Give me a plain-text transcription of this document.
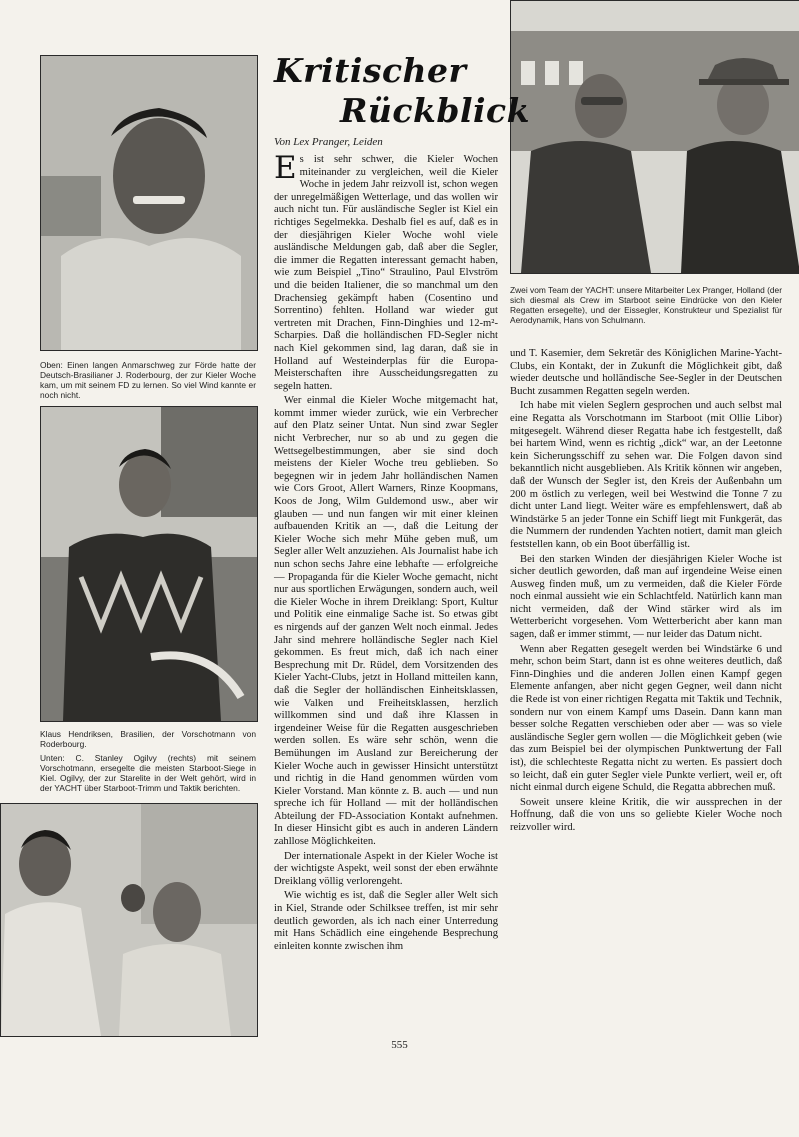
Oben: Einen langen Anmarschweg zur Förde hatte der Deutsch-Brasilianer J. Roderbourg, der zur Kieler Woche kam, um mit seinem FD zu lernen. So viel Wind kannte er noch nicht.

Klaus Hendriksen, Brasilien, der Vorschotmann von Roderbourg.

Unten: C. Stanley Ogilvy (rechts) mit seinem Vorschotmann, ersegelte die meisten Starboot-Siege in Kiel. Ogilvy, der zur Starelite in der Welt gehört, wird in der YACHT über Starboot-Trimm und Taktik berichten.

Zwei vom Team der YACHT: unsere Mitarbeiter Lex Pranger, Holland (der sich diesmal als Crew im Starboot seine Eindrücke von den Kieler Regatten ersegelte), und der Eissegler, Konstrukteur und Spezialist für Aerodynamik, Hans von Schulmann.

Kritischer
Rückblick

Von Lex Pranger, Leiden

Es ist sehr schwer, die Kieler Wochen miteinander zu vergleichen, weil die Kieler Woche in jedem Jahr reizvoll ist, schon wegen der unregelmäßigen Wetterlage, und das wollen wir auch nicht tun. Für ausländische Segler ist Kiel ein richtiges Segelmekka. Deshalb fiel es auf, daß es in der diesjährigen Kieler Woche wohl viele ausländische Meldungen gab, daß aber die Segler, die immer die Regatten interessant gemacht haben, wie zum Beispiel „Tino“ Straulino, Paul Elvström und die beiden Italiener, die so manchmal um den Drachensieg gekämpft haben (Cosentino und Sorrentino) fehlten. Holland war wieder gut vertreten mit Drachen, Finn-Dinghies und 12-m²-Scharpies. Daß die holländischen FD-Segler nicht nach Kiel gekommen sind, lag daran, daß sie in Holland auf Westeinderplas für die Europa-Meisterschaften ihre Ausscheidungsregatten zu segeln hatten.

Wer einmal die Kieler Woche mitgemacht hat, kommt immer wieder zurück, wie ein Verbrecher auf den Platz seiner Untat. Nun sind zwar Segler nicht Verbrecher, nur so ab und zu gegen die Wettsegelbestimmungen, aber sie sind doch meistens der Kieler Woche treu geblieben. So begegnen wir in jedem Jahr holländischen Namen wie Cors Groot, Allert Warners, Rinze Koopmans, Koos de Jong, Wilm Guldemond usw., aber wir glauben — und nun fangen wir mit einer kleinen aufbauenden Kritik an —, daß die Leitung der Kieler Woche sich mehr Mühe geben muß, um Segler aller Welt anzuziehen. Als Journalist habe ich nun schon sechs Jahre eine lebhafte — erfolgreiche — Propaganda für die Kieler Woche gemacht, nicht nur aus sportlichen Erwägungen, sondern auch, weil die Kieler Woche in ihrem Dreiklang: Sport, Kultur und Politik eine einmalige Sache ist. So etwas gibt es nirgends auf der ganzen Welt noch einmal. Jedes Jahr sind mehrere holländische Segler nach Kiel gekommen. Es freut mich, daß ich nach einer Besprechung mit Dr. Rüdel, dem Vorsitzenden des Kieler Yacht-Clubs, jetzt in Holland mitteilen kann, daß die Segler der holländischen Einheitsklassen, wie Valken und Freiheitsklassen, herzlich willkommen sind und daß ihre Klassen in irgendeiner Weise für die Regatten ausgeschrieben werden sollen. Es wäre sehr schön, wenn die Bemühungen im Ausland zur Bereicherung der Kieler Woche auch in gewisser Hinsicht unterstützt und richtig in die Hand genommen würden vom Kieler Vorstand. Man könnte z. B. auch — und nun spreche ich für Holland — mit der holländischen Abteilung der FD-Association Kontakt aufnehmen. In dieser Hinsicht gibt es auch in anderen Ländern zahllose Möglichkeiten.

Der internationale Aspekt in der Kieler Woche ist der wichtigste Aspekt, weil sonst der eben erwähnte Dreiklang völlig verlorengeht.

Wie wichtig es ist, daß die Segler aller Welt sich in Kiel, Strande oder Schilksee treffen, ist mir sehr deutlich geworden, als ich nach einer Unterredung mit Hans Schädlich eine eingehende Besprechung einleiten konnte zwischen ihm

und T. Kasemier, dem Sekretär des Königlichen Marine-Yacht-Clubs, ein Kontakt, der in Zukunft die Möglichkeit gibt, daß wieder deutsche und holländische See-Segler in der Deutschen Bucht zusammen Regatten segeln werden.

Ich habe mit vielen Seglern gesprochen und auch selbst mal eine Regatta als Vorschotmann im Starboot (mit Ollie Libor) mitgesegelt. Während dieser Regatta habe ich festgestellt, daß bei hartem Wind, wenn es richtig „dick“ war, an der Leetonne kein Sicherungsschiff zu sehen war. Die Folgen davon sind bekanntlich nicht ausgeblieben. Als Kritik können wir angeben, daß der Wunsch der Segler ist, den Kreis der Außenbahn um 200 m östlich zu verlegen, weil bei Westwind die Tonne 7 zu dicht unter Land liegt. Weiter wäre es empfehlenswert, daß ab Windstärke 5 an jeder Tonne ein Schiff liegt mit Funkgerät, das die Nummern der rundenden Yachten notiert, damit man gleich feststellen kann, ob ein Boot überfällig ist.

Bei den starken Winden der diesjährigen Kieler Woche ist sicher deutlich geworden, daß man auf irgendeine Weise einen Ausweg finden muß, um zu vermeiden, daß die Kieler Förde noch einmal aussieht wie ein Schlachtfeld. Natürlich kann man nicht vermeiden, daß der Wind stärker wird als im Wetterbericht vorgesehen. Vom Wetterbericht aber kann man sagen, daß er immer stimmt, — nur leider das Datum nicht.

Wenn aber Regatten gesegelt werden bei Windstärke 6 und mehr, schon beim Start, dann ist es ohne weiteres deutlich, daß Finn-Dinghies und die anderen Jollen einen Kampf gegen Elemente anfangen, aber nicht gegen Gegner, weil dann nicht die Rede ist von einer richtigen Regatta mit Taktik und Technik, sondern nur von einem Kampf ums Dasein. Dann kann man besser solche Regatten verschieben oder aber — was so viele ausländische Segler gern wollen — die Möglichkeit geben (wie das zum Beispiel bei der olympischen Punktwertung der Fall ist), die schlechteste Regatta nicht zu werten. Es passiert doch so leicht, daß ein guter Segler viele Punkte verliert, weil er, oft nicht einmal durch eigene Schuld, die Regatta abbrechen muß.

Soweit unsere kleine Kritik, die wir aussprechen in der Hoffnung, daß die von uns so geliebte Kieler Woche noch reizvoller wird.

555
